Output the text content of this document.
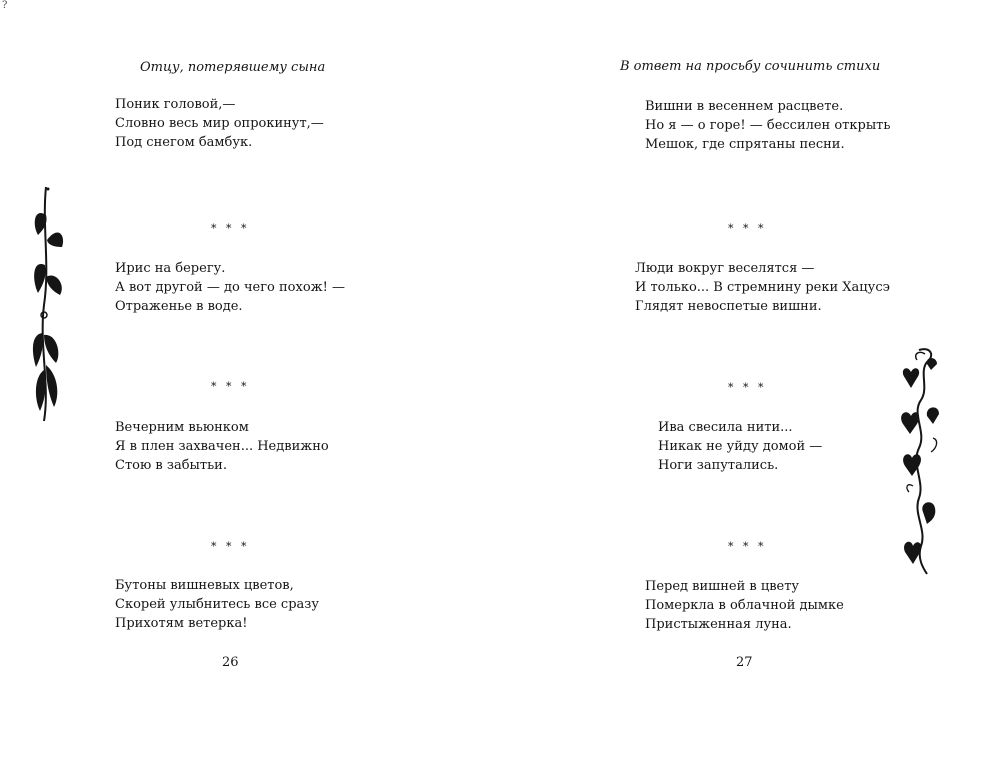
?
Отцу, потерявшему сына
Поник головой,—
Словно весь мир опрокинут,—
Под снегом бамбук.
* * *
Ирис на берегу.
А вот другой — до чего похож! —
Отраженье в воде.
* * *
Вечерним вьюнком
Я в плен захвачен... Недвижно
Стою в забытьи.
* * *
Бутоны вишневых цветов,
Скорей улыбнитесь все сразу
Прихотям ветерка!
26
В ответ на просьбу сочинить стихи
Вишни в весеннем расцвете.
Но я — о горе! — бессилен открыть
Мешок, где спрятаны песни.
* * *
Люди вокруг веселятся —
И только... В стремнину реки Хацусэ
Глядят невоспетые вишни.
* * *
Ива свесила нити...
Никак не уйду домой —
Ноги запутались.
* * *
Перед вишней в цвету
Померкла в облачной дымке
Пристыженная луна.
27
